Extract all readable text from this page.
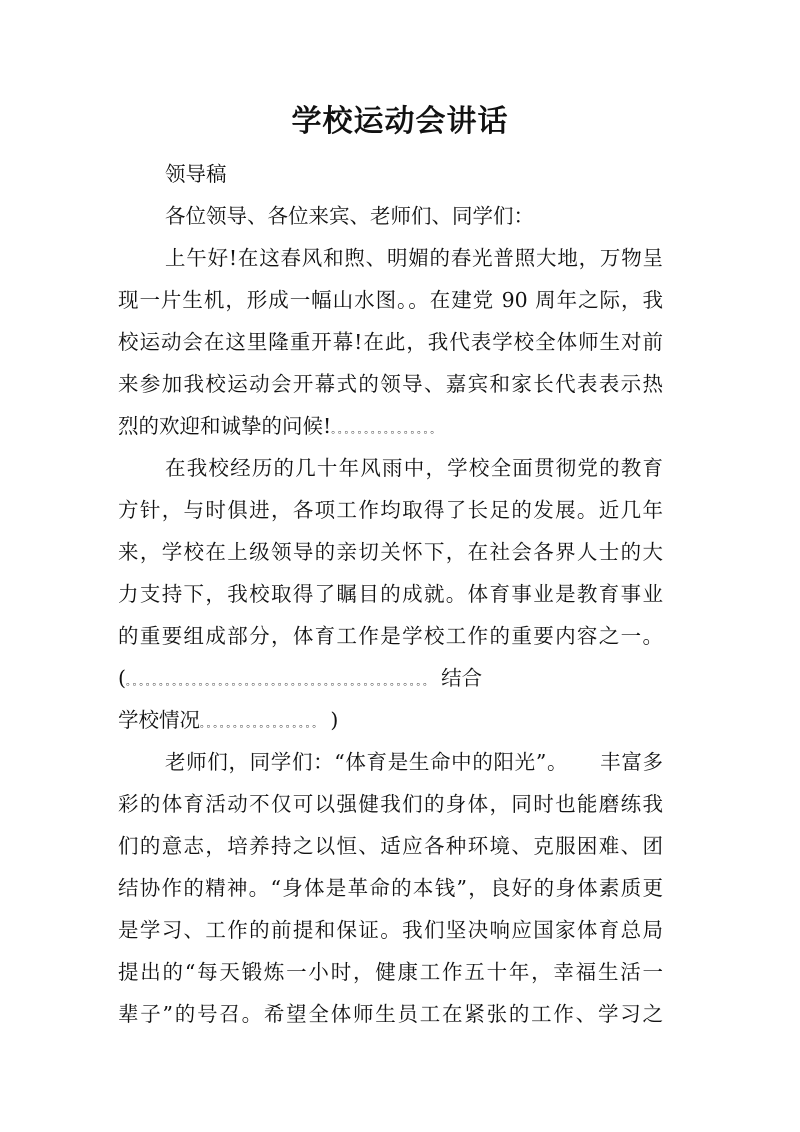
学校运动会讲话
领导稿
各位领导、各位来宾、老师们、同学们：
上午好!在这春风和煦、明媚的春光普照大地，万物呈
现一片生机，形成一幅山水图。。在建党 90 周年之际，我
校运动会在这里隆重开幕!在此，我代表学校全体师生对前
来参加我校运动会开幕式的领导、嘉宾和家长代表表示热
烈的欢迎和诚挚的问候!。。。。。。。。。。。。。。。。
在我校经历的几十年风雨中，学校全面贯彻党的教育
方针，与时俱进，各项工作均取得了长足的发展。近几年
来，学校在上级领导的亲切关怀下，在社会各界人士的大
力支持下，我校取得了瞩目的成就。体育事业是教育事业
的重要组成部分，体育工作是学校工作的重要内容之一。
(。。。。。。。。。。。。。。。。。。。。。。。。。。。。。。。。。。。。。。。。。。。。。。 结合
学校情况。。。。。。。。。。。。。。。。。。 )
老师们，同学们：“体育是生命中的阳光”。　　丰富多
彩的体育活动不仅可以强健我们的身体，同时也能磨练我
们的意志，培养持之以恒、适应各种环境、克服困难、团
结协作的精神。“身体是革命的本钱”，良好的身体素质更
是学习、工作的前提和保证。我们坚决响应国家体育总局
提出的“每天锻炼一小时，健康工作五十年，幸福生活一
辈子”的号召。希望全体师生员工在紧张的工作、学习之
